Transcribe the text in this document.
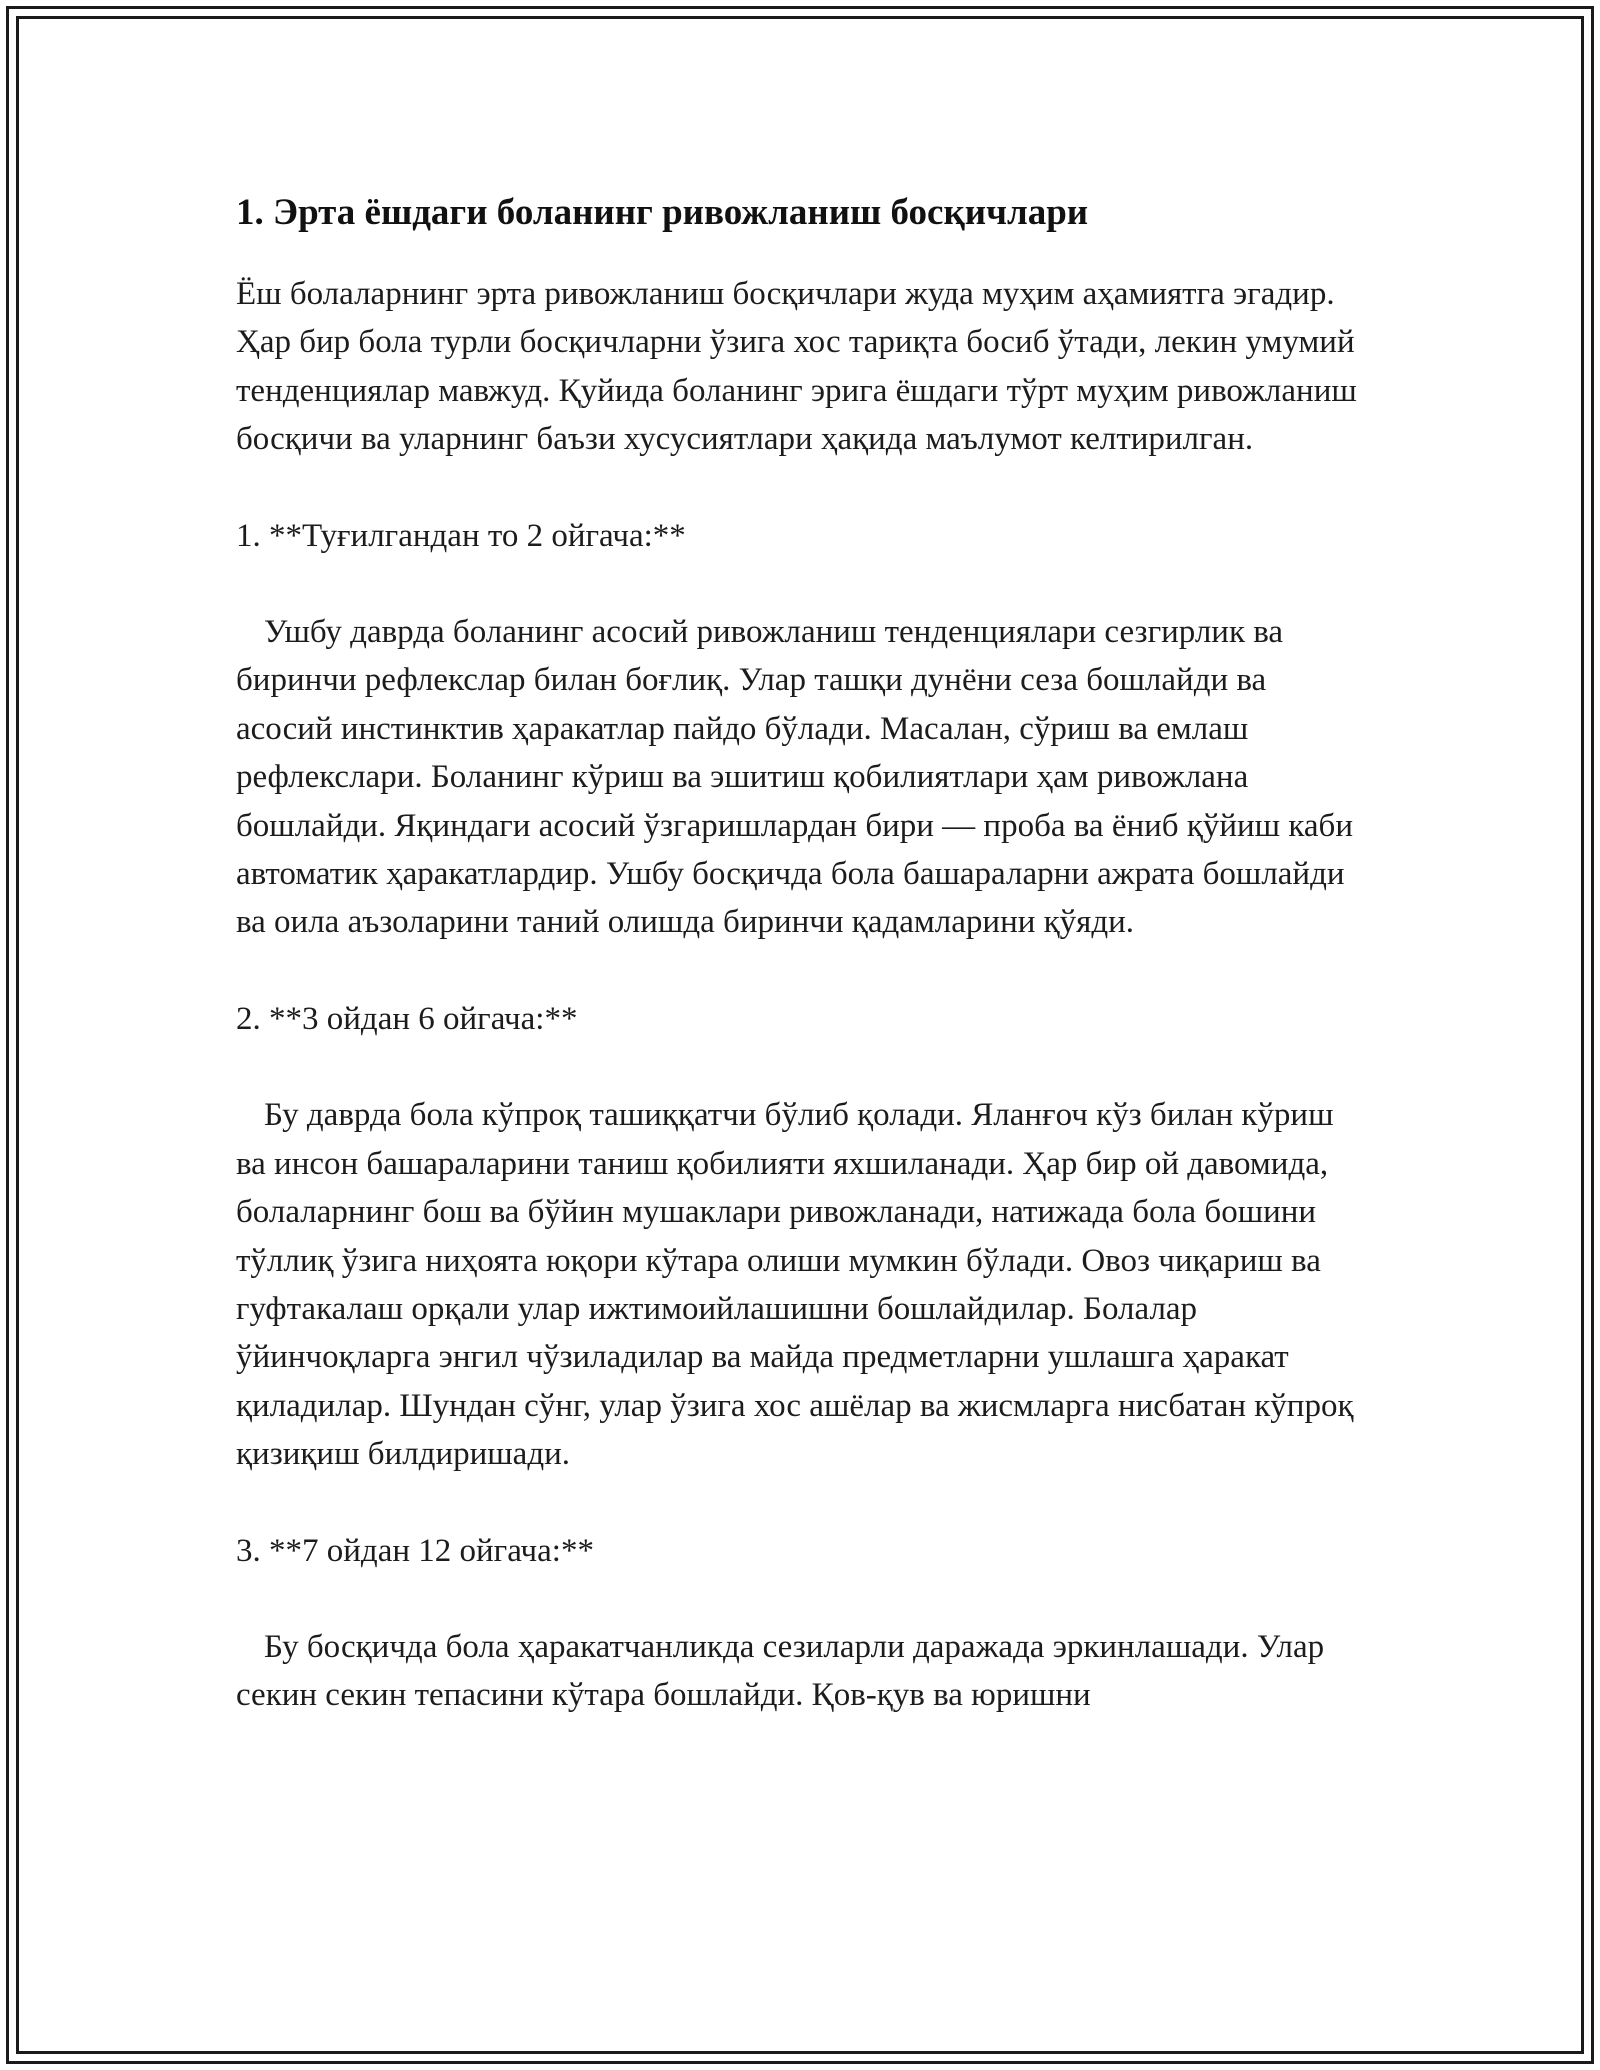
1. Эрта ёшдаги боланинг ривожланиш босқичлари

Ёш болаларнинг эрта ривожланиш босқичлари жуда муҳим аҳамиятга эгадир. Ҳар бир бола турли босқичларни ўзига хос тариқта босиб ўтади, лекин умумий тенденциялар мавжуд. Қуйида боланинг эрига ёшдаги тўрт муҳим ривожланиш босқичи ва уларнинг баъзи хусусиятлари ҳақида маълумот келтирилган.

1. **Туғилгандан то 2 ойгача:**

Ушбу даврда боланинг асосий ривожланиш тенденциялари сезгирлик ва биринчи рефлекслар билан боғлиқ. Улар ташқи дунёни сеза бошлайди ва асосий инстинктив ҳаракатлар пайдо бўлади. Масалан, сўриш ва емлаш рефлекслари. Боланинг кўриш ва эшитиш қобилиятлари ҳам ривожлана бошлайди. Яқиндаги асосий ўзгаришлардан бири — проба ва ёниб қўйиш каби автоматик ҳаракатлардир. Ушбу босқичда бола башараларни ажрата бошлайди ва оила аъзоларини таний олишда биринчи қадамларини қўяди.

2. **3 ойдан 6 ойгача:**

Бу даврда бола кўпроқ ташиққатчи бўлиб қолади. Яланғоч кўз билан кўриш ва инсон башараларини таниш қобилияти яхшиланади. Ҳар бир ой давомида, болаларнинг бош ва бўйин мушаклари ривожланади, натижада бола бошини тўллиқ ўзига ниҳоята юқори кўтара олиши мумкин бўлади. Овоз чиқариш ва гуфтакалаш орқали улар ижтимоийлашишни бошлайдилар. Болалар ўйинчоқларга энгил чўзиладилар ва майда предметларни ушлашга ҳаракат қиладилар. Шундан сўнг, улар ўзига хос ашёлар ва жисмларга нисбатан кўпроқ қизиқиш билдиришади.

3. **7 ойдан 12 ойгача:**

Бу босқичда бола ҳаракатчанликда сезиларли даражада эркинлашади. Улар секин секин тепасини кўтара бошлайди. Қов-қув ва юришни
